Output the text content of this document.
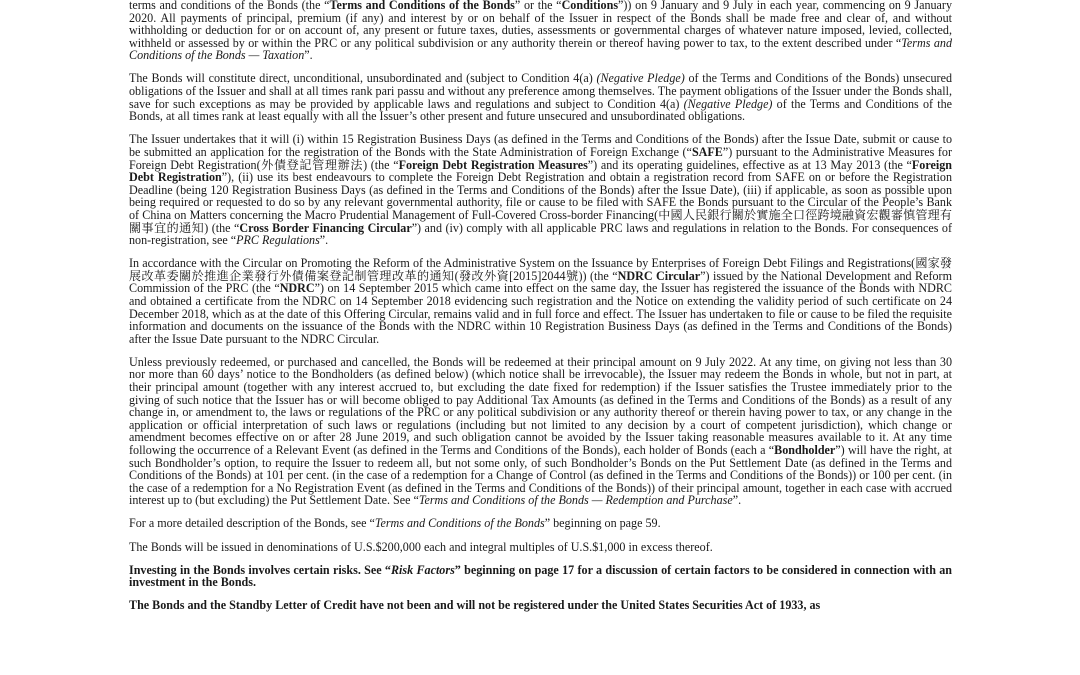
terms and conditions of the Bonds (the “Terms and Conditions of the Bonds” or the “Conditions”)) on 9 January and 9 July in each year, commencing on 9 January 2020. All payments of principal, premium (if any) and interest by or on behalf of the Issuer in respect of the Bonds shall be made free and clear of, and without withholding or deduction for or on account of, any present or future taxes, duties, assessments or governmental charges of whatever nature imposed, levied, collected, withheld or assessed by or within the PRC or any political subdivision or any authority therein or thereof having power to tax, to the extent described under “Terms and Conditions of the Bonds — Taxation”.

The Bonds will constitute direct, unconditional, unsubordinated and (subject to Condition 4(a) (Negative Pledge) of the Terms and Conditions of the Bonds) unsecured obligations of the Issuer and shall at all times rank pari passu and without any preference among themselves. The payment obligations of the Issuer under the Bonds shall, save for such exceptions as may be provided by applicable laws and regulations and subject to Condition 4(a) (Negative Pledge) of the Terms and Conditions of the Bonds, at all times rank at least equally with all the Issuer’s other present and future unsecured and unsubordinated obligations.

The Issuer undertakes that it will (i) within 15 Registration Business Days (as defined in the Terms and Conditions of the Bonds) after the Issue Date, submit or cause to be submitted an application for the registration of the Bonds with the State Administration of Foreign Exchange (“SAFE”) pursuant to the Administrative Measures for Foreign Debt Registration(外債登記管理辦法) (the “Foreign Debt Registration Measures”) and its operating guidelines, effective as at 13 May 2013 (the “Foreign Debt Registration”), (ii) use its best endeavours to complete the Foreign Debt Registration and obtain a registration record from SAFE on or before the Registration Deadline (being 120 Registration Business Days (as defined in the Terms and Conditions of the Bonds) after the Issue Date), (iii) if applicable, as soon as possible upon being required or requested to do so by any relevant governmental authority, file or cause to be filed with SAFE the Bonds pursuant to the Circular of the People’s Bank of China on Matters concerning the Macro Prudential Management of Full-Covered Cross-border Financing(中國人民銀行關於實施全口徑跨境融資宏觀審慎管理有關事宜的通知) (the “Cross Border Financing Circular”) and (iv) comply with all applicable PRC laws and regulations in relation to the Bonds. For consequences of non-registration, see “PRC Regulations”.

In accordance with the Circular on Promoting the Reform of the Administrative System on the Issuance by Enterprises of Foreign Debt Filings and Registrations(國家發展改革委關於推進企業發行外債備案登記制管理改革的通知(發改外資[2015]2044號)) (the “NDRC Circular”) issued by the National Development and Reform Commission of the PRC (the “NDRC”) on 14 September 2015 which came into effect on the same day, the Issuer has registered the issuance of the Bonds with NDRC and obtained a certificate from the NDRC on 14 September 2018 evidencing such registration and the Notice on extending the validity period of such certificate on 24 December 2018, which as at the date of this Offering Circular, remains valid and in full force and effect. The Issuer has undertaken to file or cause to be filed the requisite information and documents on the issuance of the Bonds with the NDRC within 10 Registration Business Days (as defined in the Terms and Conditions of the Bonds) after the Issue Date pursuant to the NDRC Circular.

Unless previously redeemed, or purchased and cancelled, the Bonds will be redeemed at their principal amount on 9 July 2022. At any time, on giving not less than 30 nor more than 60 days’ notice to the Bondholders (as defined below) (which notice shall be irrevocable), the Issuer may redeem the Bonds in whole, but not in part, at their principal amount (together with any interest accrued to, but excluding the date fixed for redemption) if the Issuer satisfies the Trustee immediately prior to the giving of such notice that the Issuer has or will become obliged to pay Additional Tax Amounts (as defined in the Terms and Conditions of the Bonds) as a result of any change in, or amendment to, the laws or regulations of the PRC or any political subdivision or any authority thereof or therein having power to tax, or any change in the application or official interpretation of such laws or regulations (including but not limited to any decision by a court of competent jurisdiction), which change or amendment becomes effective on or after 28 June 2019, and such obligation cannot be avoided by the Issuer taking reasonable measures available to it. At any time following the occurrence of a Relevant Event (as defined in the Terms and Conditions of the Bonds), each holder of Bonds (each a “Bondholder”) will have the right, at such Bondholder’s option, to require the Issuer to redeem all, but not some only, of such Bondholder’s Bonds on the Put Settlement Date (as defined in the Terms and Conditions of the Bonds) at 101 per cent. (in the case of a redemption for a Change of Control (as defined in the Terms and Conditions of the Bonds)) or 100 per cent. (in the case of a redemption for a No Registration Event (as defined in the Terms and Conditions of the Bonds)) of their principal amount, together in each case with accrued interest up to (but excluding) the Put Settlement Date. See “Terms and Conditions of the Bonds — Redemption and Purchase”.

For a more detailed description of the Bonds, see “Terms and Conditions of the Bonds” beginning on page 59.

The Bonds will be issued in denominations of U.S.$200,000 each and integral multiples of U.S.$1,000 in excess thereof.

Investing in the Bonds involves certain risks. See “Risk Factors” beginning on page 17 for a discussion of certain factors to be considered in connection with an investment in the Bonds.

The Bonds and the Standby Letter of Credit have not been and will not be registered under the United States Securities Act of 1933, as
